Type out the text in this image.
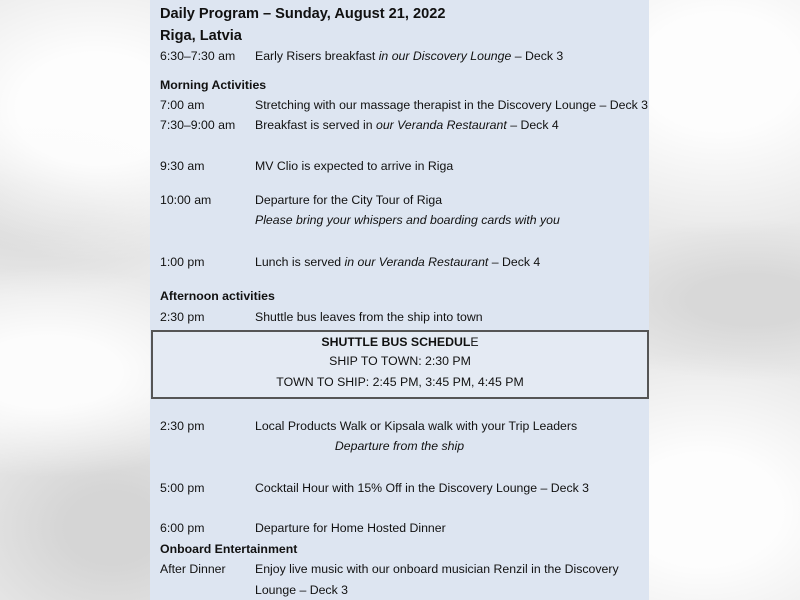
Daily Program – Sunday, August 21, 2022
Riga, Latvia
6:30–7:30 am Early Risers breakfast in our Discovery Lounge – Deck 3
Morning Activities
7:00 am	Stretching with our massage therapist in the Discovery Lounge – Deck 3
7:30–9:00 am Breakfast is served in our Veranda Restaurant – Deck 4
9:30 am	MV Clio is expected to arrive in Riga
10:00 am	Departure for the City Tour of Riga
Please bring your whispers and boarding cards with you
1:00 pm	Lunch is served in our Veranda Restaurant – Deck 4
Afternoon activities
2:30 pm	Shuttle bus leaves from the ship into town
SHUTTLE BUS SCHEDULE
SHIP TO TOWN: 2:30 PM
TOWN TO SHIP: 2:45 PM, 3:45 PM, 4:45 PM
2:30 pm	Local Products Walk or Kipsala walk with your Trip Leaders
Departure from the ship
5:00 pm	Cocktail Hour with 15% Off in the Discovery Lounge – Deck 3
6:00 pm	Departure for Home Hosted Dinner
Onboard Entertainment
After Dinner Enjoy live music with our onboard musician Renzil in the Discovery
Lounge – Deck 3
